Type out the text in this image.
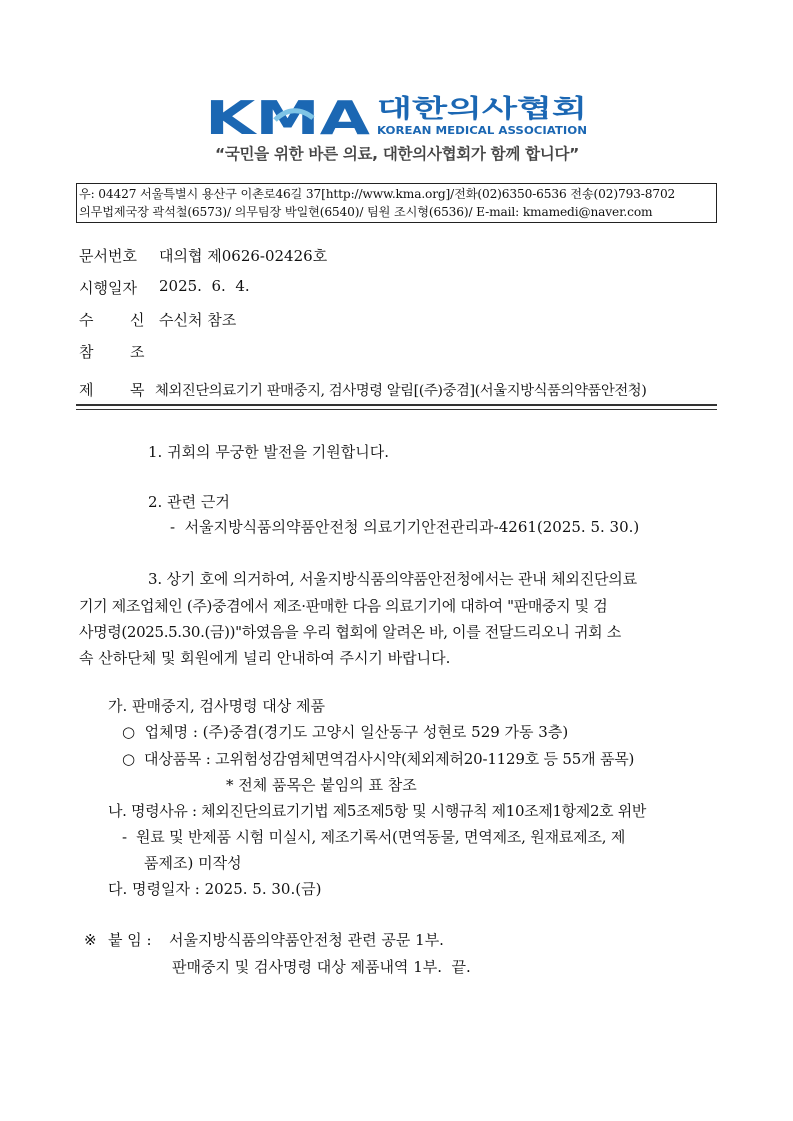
KMA 대한의사협회
KOREAN MEDICAL ASSOCIATION
“국민을 위한 바른 의료, 대한의사협회가 함께 합니다”
우: 04427 서울특별시 용산구 이촌로46길 37[http://www.kma.org]/전화(02)6350-6536 전송(02)793-8702
의무법제국장 곽석철(6573)/ 의무팀장 박일현(6540)/ 팀원 조시형(6536)/ E-mail: kmamedi@naver.com
문서번호 대의협 제0626-02426호
시행일자 2025.  6.  4.
수 신 수신처 참조
참 조
제 목 체외진단의료기기 판매중지, 검사명령 알림[(주)중겸](서울지방식품의약품안전청)
1. 귀회의 무궁한 발전을 기원합니다.
2. 관련 근거
-  서울지방식품의약품안전청 의료기기안전관리과-4261(2025. 5. 30.)
3. 상기 호에 의거하여, 서울지방식품의약품안전청에서는 관내 체외진단의료
기기 제조업체인 (주)중겸에서 제조·판매한 다음 의료기기에 대하여 "판매중지 및 검
사명령(2025.5.30.(금))"하였음을 우리 협회에 알려온 바, 이를 전달드리오니 귀회 소
속 산하단체 및 회원에게 널리 안내하여 주시기 바랍니다.
가. 판매중지, 검사명령 대상 제품
○  업체명 : (주)중겸(경기도 고양시 일산동구 성현로 529 가동 3층)
○  대상품목 : 고위험성감염체면역검사시약(체외제허20-1129호 등 55개 품목)
* 전체 품목은 붙임의 표 참조
나. 명령사유 : 체외진단의료기기법 제5조제5항 및 시행규칙 제10조제1항제2호 위반
-  원료 및 반제품 시험 미실시, 제조기록서(면역동물, 면역제조, 원재료제조, 제
품제조) 미작성
다. 명령일자 : 2025. 5. 30.(금)
※ 붙 임 : 서울지방식품의약품안전청 관련 공문 1부.
판매중지 및 검사명령 대상 제품내역 1부.  끝.
